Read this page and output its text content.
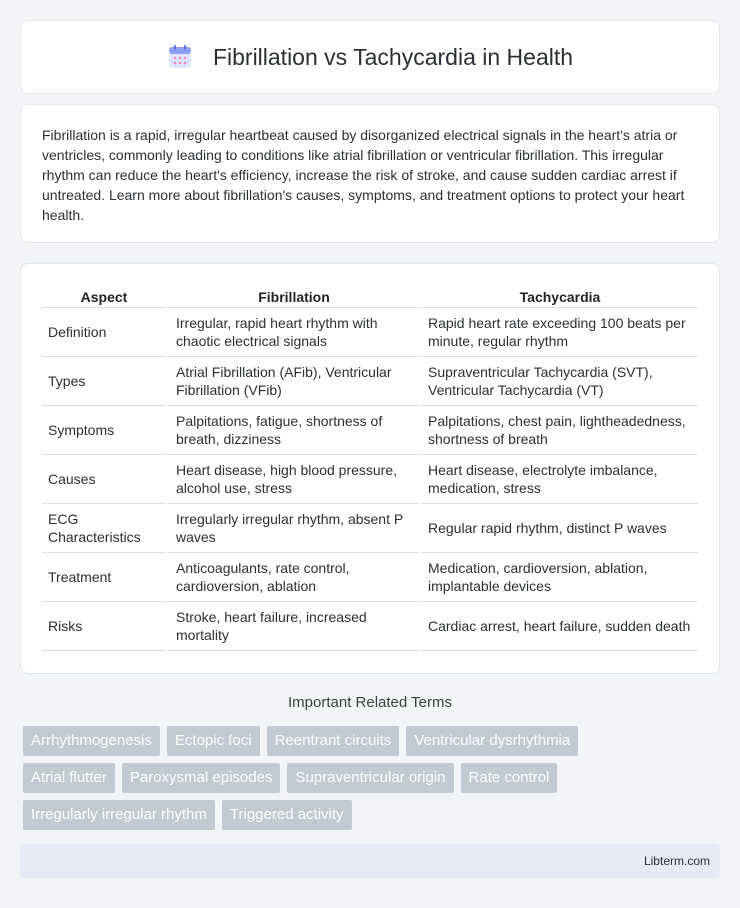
Fibrillation vs Tachycardia in Health

Fibrillation is a rapid, irregular heartbeat caused by disorganized electrical signals in the heart's atria or ventricles, commonly leading to conditions like atrial fibrillation or ventricular fibrillation. This irregular rhythm can reduce the heart's efficiency, increase the risk of stroke, and cause sudden cardiac arrest if untreated. Learn more about fibrillation's causes, symptoms, and treatment options to protect your heart health.

Aspect	Fibrillation	Tachycardia
Definition	Irregular, rapid heart rhythm with chaotic electrical signals	Rapid heart rate exceeding 100 beats per minute, regular rhythm
Types	Atrial Fibrillation (AFib), Ventricular Fibrillation (VFib)	Supraventricular Tachycardia (SVT), Ventricular Tachycardia (VT)
Symptoms	Palpitations, fatigue, shortness of breath, dizziness	Palpitations, chest pain, lightheadedness, shortness of breath
Causes	Heart disease, high blood pressure, alcohol use, stress	Heart disease, electrolyte imbalance, medication, stress
ECG Characteristics	Irregularly irregular rhythm, absent P waves	Regular rapid rhythm, distinct P waves
Treatment	Anticoagulants, rate control, cardioversion, ablation	Medication, cardioversion, ablation, implantable devices
Risks	Stroke, heart failure, increased mortality	Cardiac arrest, heart failure, sudden death
Important Related Terms
Arrhythmogenesis	Ectopic foci	Reentrant circuits	Ventricular dysrhythmia
Atrial flutter	Paroxysmal episodes	Supraventricular origin	Rate control
Irregularly irregular rhythm	Triggered activity
Libterm.com
